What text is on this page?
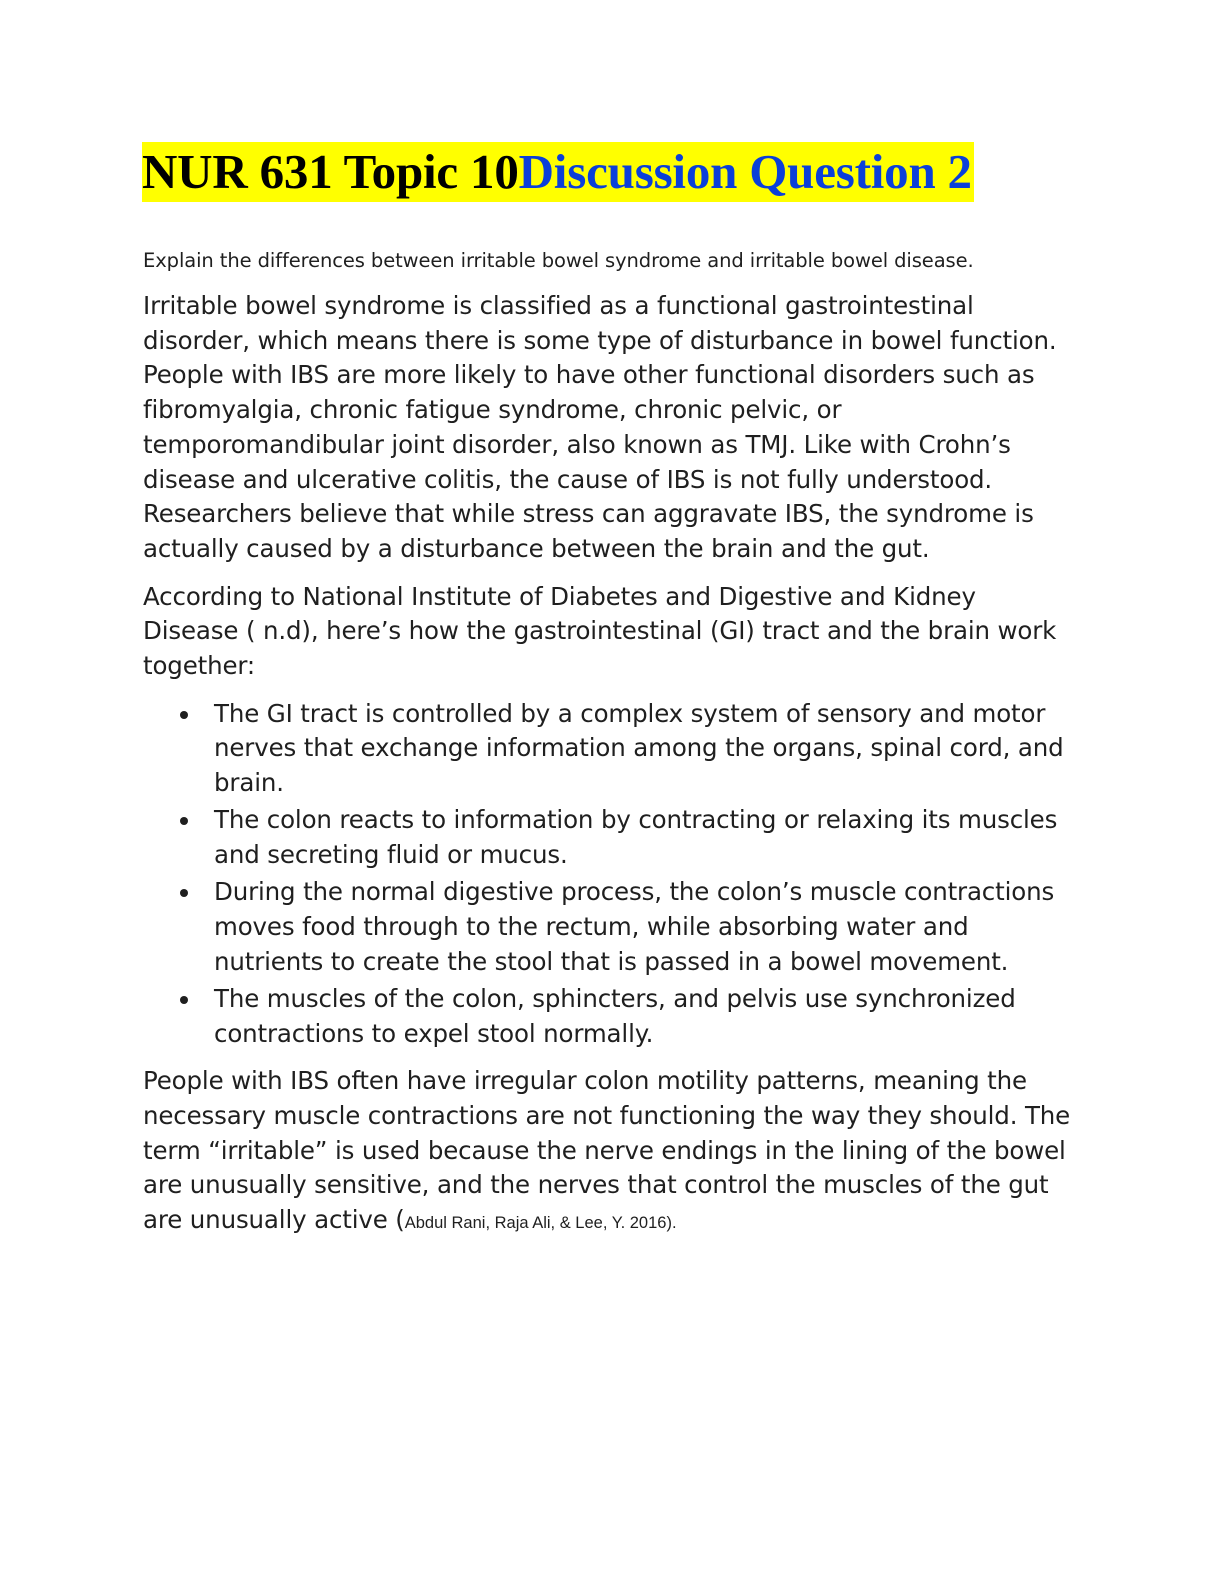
NUR 631 Topic 10 Discussion Question 2

Explain the differences between irritable bowel syndrome and irritable bowel disease.

Irritable bowel syndrome is classified as a functional gastrointestinal disorder, which means there is some type of disturbance in bowel function. People with IBS are more likely to have other functional disorders such as fibromyalgia, chronic fatigue syndrome, chronic pelvic, or temporomandibular joint disorder, also known as TMJ. Like with Crohn’s disease and ulcerative colitis, the cause of IBS is not fully understood. Researchers believe that while stress can aggravate IBS, the syndrome is actually caused by a disturbance between the brain and the gut.

According to National Institute of Diabetes and Digestive and Kidney Disease ( n.d), here’s how the gastrointestinal (GI) tract and the brain work together:

The GI tract is controlled by a complex system of sensory and motor nerves that exchange information among the organs, spinal cord, and brain.
The colon reacts to information by contracting or relaxing its muscles and secreting fluid or mucus.
During the normal digestive process, the colon’s muscle contractions moves food through to the rectum, while absorbing water and nutrients to create the stool that is passed in a bowel movement.
The muscles of the colon, sphincters, and pelvis use synchronized contractions to expel stool normally.

People with IBS often have irregular colon motility patterns, meaning the necessary muscle contractions are not functioning the way they should. The term “irritable” is used because the nerve endings in the lining of the bowel are unusually sensitive, and the nerves that control the muscles of the gut are unusually active (Abdul Rani, Raja Ali, & Lee, Y. 2016).
